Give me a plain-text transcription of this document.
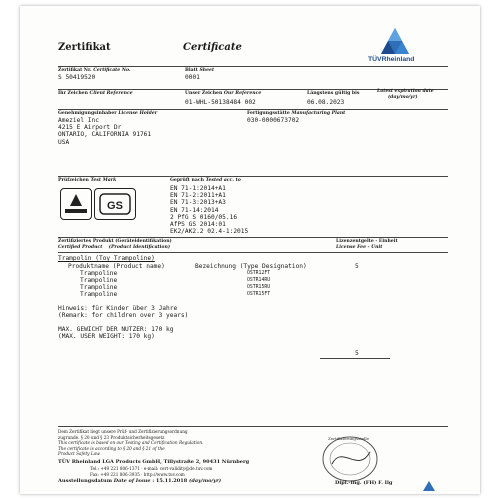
Zertifikat	Certificate
TÜVRheinland
Zertifikat Nr. Certificate No.
S 50419520
Blatt Sheet
0001
Ihr Zeichen Client Reference	Unser Zeichen Our Reference
01-WHL-50138484 002
Längstens gültig bis	Latest expiration date
(day/mo/yr)
06.08.2023
Genehmigungsinhaber License Holder
Ameziel Inc
4215 E Airport Dr
ONTARIO, CALIFORNIA 91761
USA
Fertigungsstätte Manufacturing Plant
030-0000673702
Prüfzeichen Test Mark
GS
Geprüft nach Tested acc. to
EN 71-1:2014+A1
EN 71-2:2011+A1
EN 71-3:2013+A3
EN 71-14:2014
2 PfG S 0160/05.16
AfPS GS 2014:01
EK2/AK2.2 02.4-1:2015
Zertifiziertes Produkt (Geräteidentifikation)
Certified Product (Product Identification)
Lizenzentgelte - Einheit
License Fee - Unit
Trampolin (Toy Trampoline)
Produktname (Product name)	Bezeichnung (Type Designation)	5
Trampoline	OSTR12FT
Trampoline	OSTR14RU
Trampoline	OSTR15RU
Trampoline	OSTR15FT
Hinweis: für Kinder über 3 Jahre
(Remark: for children over 3 years)
MAX. GEWICHT DER NUTZER: 170 kg
(MAX. USER WEIGHT: 170 kg)
5
Dem Zertifikat liegt unsere Prüf- und Zertifizierungsordnung
zugrunde. § 20 und § 23 Produktsicherheitsgesetz
This certificate is based on our Testing and Certification Regulation.
The certificate is according to § 20 and § 21 of the
Product Safety Law.
TÜV Rheinland LGA Products GmbH, Tillystraße 2, 90431 Nürnberg
Tel.: +49 221 806-1371 · e-mail: cert-validity@de.tuv.com
Fax: +49 221 806-3935 · http://www.tuv.com
Ausstellungsdatum Date of Issue : 15.11.2018 (day/mo/yr)
Zertifizierungsstelle
Dipl.-Ing. (FH) F. Ilg
